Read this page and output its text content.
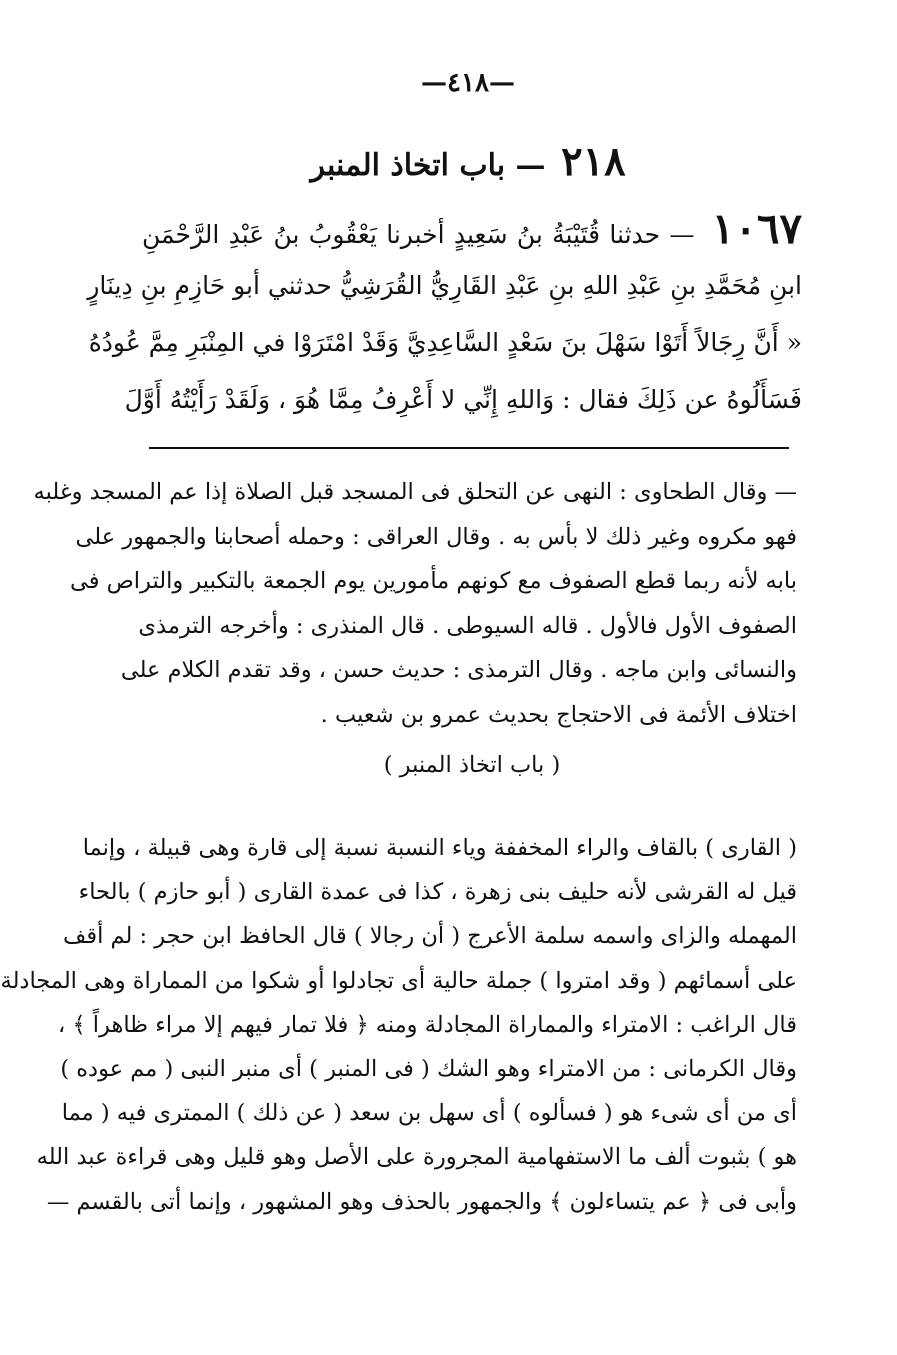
—٤١٨—
٢١٨ — باب اتخاذ المنبر
١٠٦٧ — حدثنا قُتَيْبَةُ بنُ سَعِيدٍ أخبرنا يَعْقُوبُ بنُ عَبْدِ الرَّحْمَنِ
ابنِ مُحَمَّدِ بنِ عَبْدِ اللهِ بنِ عَبْدِ القَارِيُّ القُرَشِيُّ حدثني أبو حَازِمِ بنِ دِينَارٍ
« أَنَّ رِجَالاً أَتَوْا سَهْلَ بنَ سَعْدٍ السَّاعِدِيَّ وَقَدْ امْتَرَوْا في المِنْبَرِ مِمَّ عُودُهُ
فَسَأَلُوهُ عن ذَلِكَ فقال : وَاللهِ إِنِّي لا أَعْرِفُ مِمَّا هُوَ ، وَلَقَدْ رَأَيْتُهُ أَوَّلَ
— وقال الطحاوى : النهى عن التحلق فى المسجد قبل الصلاة إذا عم المسجد وغلبه
فهو مكروه وغير ذلك لا بأس به . وقال العراقى : وحمله أصحابنا والجمهور على
بابه لأنه ربما قطع الصفوف مع كونهم مأمورين يوم الجمعة بالتكبير والتراص فى
الصفوف الأول فالأول . قاله السيوطى . قال المنذرى : وأخرجه الترمذى
والنسائى وابن ماجه . وقال الترمذى : حديث حسن ، وقد تقدم الكلام على
اختلاف الأئمة فى الاحتجاج بحديث عمرو بن شعيب .
( باب اتخاذ المنبر )
( القارى ) بالقاف والراء المخففة وياء النسبة نسبة إلى قارة وهى قبيلة ، وإنما
قيل له القرشى لأنه حليف بنى زهرة ، كذا فى عمدة القارى ( أبو حازم ) بالحاء
المهمله والزاى واسمه سلمة الأعرج ( أن رجالا ) قال الحافظ ابن حجر : لم أقف
على أسمائهم ( وقد امتروا ) جملة حالية أى تجادلوا أو شكوا من المماراة وهى المجادلة
قال الراغب : الامتراء والمماراة المجادلة ومنه ﴿ فلا تمار فيهم إلا مراء ظاهراً ﴾ ،
وقال الكرمانى : من الامتراء وهو الشك ( فى المنبر ) أى منبر النبى ( مم عوده )
أى من أى شىء هو ( فسألوه ) أى سهل بن سعد ( عن ذلك ) الممترى فيه ( مما
هو ) بثبوت ألف ما الاستفهامية المجرورة على الأصل وهو قليل وهى قراءة عبد الله
وأبى فى ﴿ عم يتساءلون ﴾ والجمهور بالحذف وهو المشهور ، وإنما أتى بالقسم —
